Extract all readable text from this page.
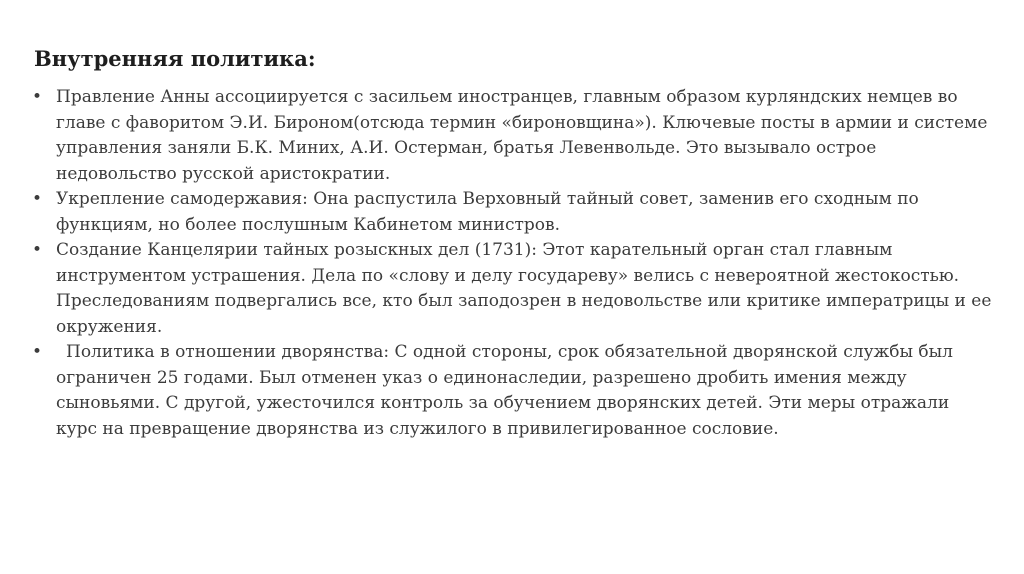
Внутренняя политика:
• Правление Анны ассоциируется с засильем иностранцев, главным образом курляндских немцев во главе с фаворитом Э.И. Бироном(отсюда термин «бироновщина»). Ключевые посты в армии и системе управления заняли Б.К. Миних, А.И. Остерман, братья Левенвольде. Это вызывало острое недовольство русской аристократии.
• Укрепление самодержавия: Она распустила Верховный тайный совет, заменив его сходным по функциям, но более послушным Кабинетом министров.
• Создание Канцелярии тайных розыскных дел (1731): Этот карательный орган стал главным инструментом устрашения. Дела по «слову и делу государеву» велись с невероятной жестокостью. Преследованиям подвергались все, кто был заподозрен в недовольстве или критике императрицы и ее окружения.
•	Политика в отношении дворянства: С одной стороны, срок обязательной дворянской службы был ограничен 25 годами. Был отменен указ о единонаследии, разрешено дробить имения между сыновьями. С другой, ужесточился контроль за обучением дворянских детей. Эти меры отражали курс на превращение дворянства из служилого в привилегированное сословие.
